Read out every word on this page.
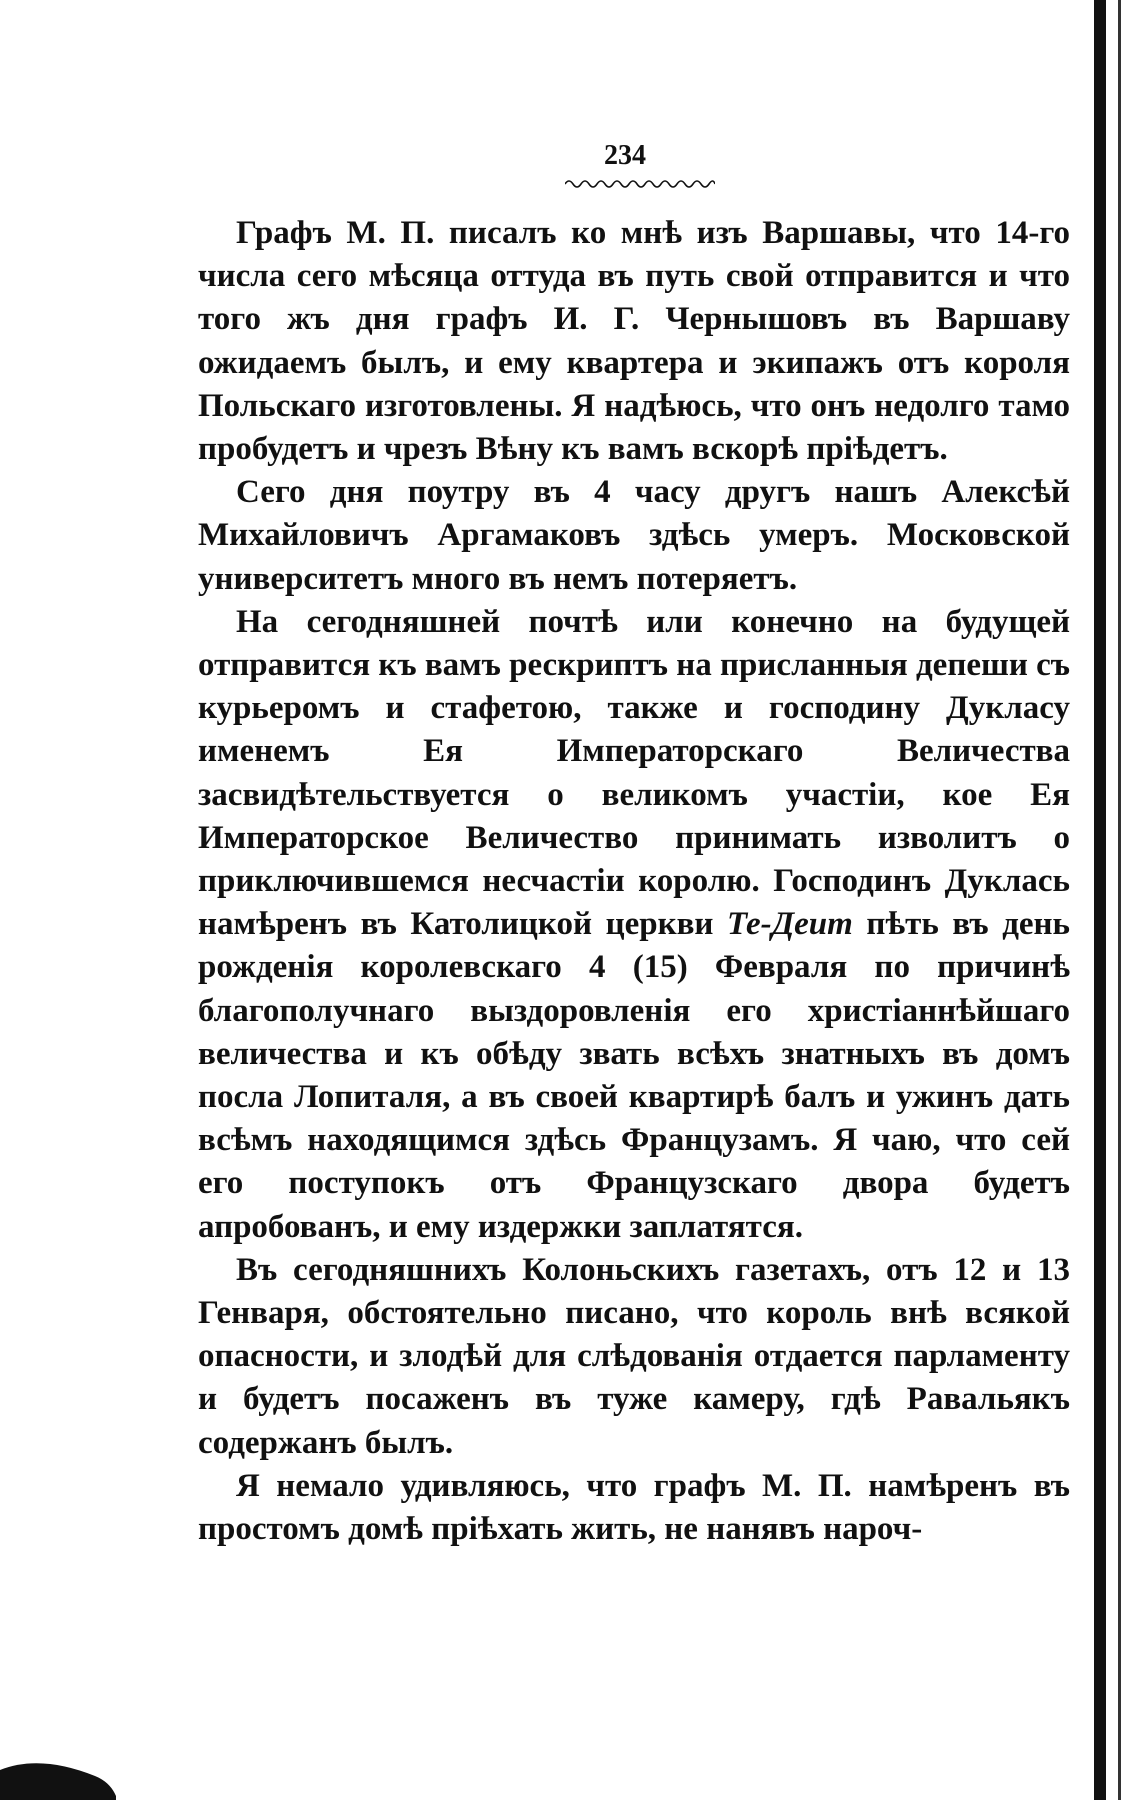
234

Графъ М. П. писалъ ко мнѣ изъ Варшавы, что 14-го числа сего мѣсяца оттуда въ путь свой отправится и что того жъ дня графъ И. Г. Чернышовъ въ Варшаву ожидаемъ былъ, и ему квартера и экипажъ отъ короля Польскаго изготовлены. Я надѣюсь, что онъ недолго тамо пробудетъ и чрезъ Вѣну къ вамъ вскорѣ пріѣдетъ.

Сего дня поутру въ 4 часу другъ нашъ Алексѣй Михайловичъ Аргамаковъ здѣсь умеръ. Московской университетъ много въ немъ потеряетъ.

На сегодняшней почтѣ или конечно на будущей отправится къ вамъ рескриптъ на присланныя депеши съ курьеромъ и стафетою, также и господину Дукласу именемъ Ея Императорскаго Величества засвидѣтельствуется о великомъ участіи, кое Ея Императорское Величество принимать изволитъ о приключившемся несчастіи королю. Господинъ Дуклась намѣренъ въ Католицкой церкви Те-Деит пѣть въ день рожденія королевскаго 4 (15) Февраля по причинѣ благополучнаго выздоровленія его христіаннѣйшаго величества и къ обѣду звать всѣхъ знатныхъ въ домъ посла Лопиталя, а въ своей квартирѣ балъ и ужинъ дать всѣмъ находящимся здѣсь Французамъ. Я чаю, что сей его поступокъ отъ Французскаго двора будетъ апробованъ, и ему издержки заплатятся.

Въ сегодняшнихъ Колоньскихъ газетахъ, отъ 12 и 13 Генваря, обстоятельно писано, что король внѣ всякой опасности, и злодѣй для слѣдованія отдается парламенту и будетъ посаженъ въ туже камеру, гдѣ Равальякъ содержанъ былъ.

Я немало удивляюсь, что графъ М. П. намѣренъ въ простомъ домѣ пріѣхать жить, не нанявъ нароч-
